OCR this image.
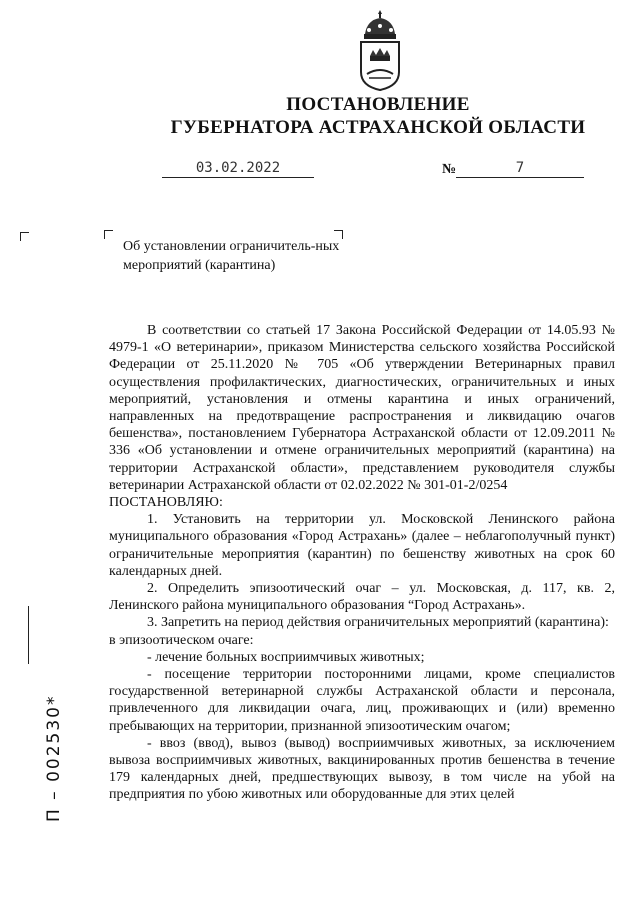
ПОСТАНОВЛЕНИЕ
ГУБЕРНАТОРА АСТРАХАНСКОЙ ОБЛАСТИ
03.02.2022	№	7
Об установлении ограничитель-ных мероприятий (карантина)

В соответствии со статьей 17 Закона Российской Федерации от 14.05.93 № 4979-1 «О ветеринарии», приказом Министерства сельского хозяйства Российской Федерации от 25.11.2020 № 705 «Об утверждении Ветеринарных правил осуществления профилактических, диагностических, ограничительных и иных мероприятий, установления и отмены карантина и иных ограничений, направленных на предотвращение распространения и ликвидацию очагов бешенства», постановлением Губернатора Астраханской области от 12.09.2011 № 336 «Об установлении и отмене ограничительных мероприятий (карантина) на территории Астраханской области», представлением руководителя службы ветеринарии Астраханской области от 02.02.2022 № 301-01-2/0254

ПОСТАНОВЛЯЮ:

1. Установить на территории ул. Московской Ленинского района муниципального образования «Город Астрахань» (далее – неблагополучный пункт) ограничительные мероприятия (карантин) по бешенству животных на срок 60 календарных дней.

2. Определить эпизоотический очаг – ул. Московская, д. 117, кв. 2, Ленинского района муниципального образования “Город Астрахань».

3. Запретить на период действия ограничительных мероприятий (карантина):

в эпизоотическом очаге:

- лечение больных восприимчивых животных;

- посещение территории посторонними лицами, кроме специалистов государственной ветеринарной службы Астраханской области и персонала, привлеченного для ликвидации очага, лиц, проживающих и (или) временно пребывающих на территории, признанной эпизоотическим очагом;

- ввоз (ввод), вывоз (вывод) восприимчивых животных, за исключением вывоза восприимчивых животных, вакцинированных против бешенства в течение 179 календарных дней, предшествующих вывозу, в том числе на убой на предприятия по убою животных или оборудованные для этих целей

П – 002530*
